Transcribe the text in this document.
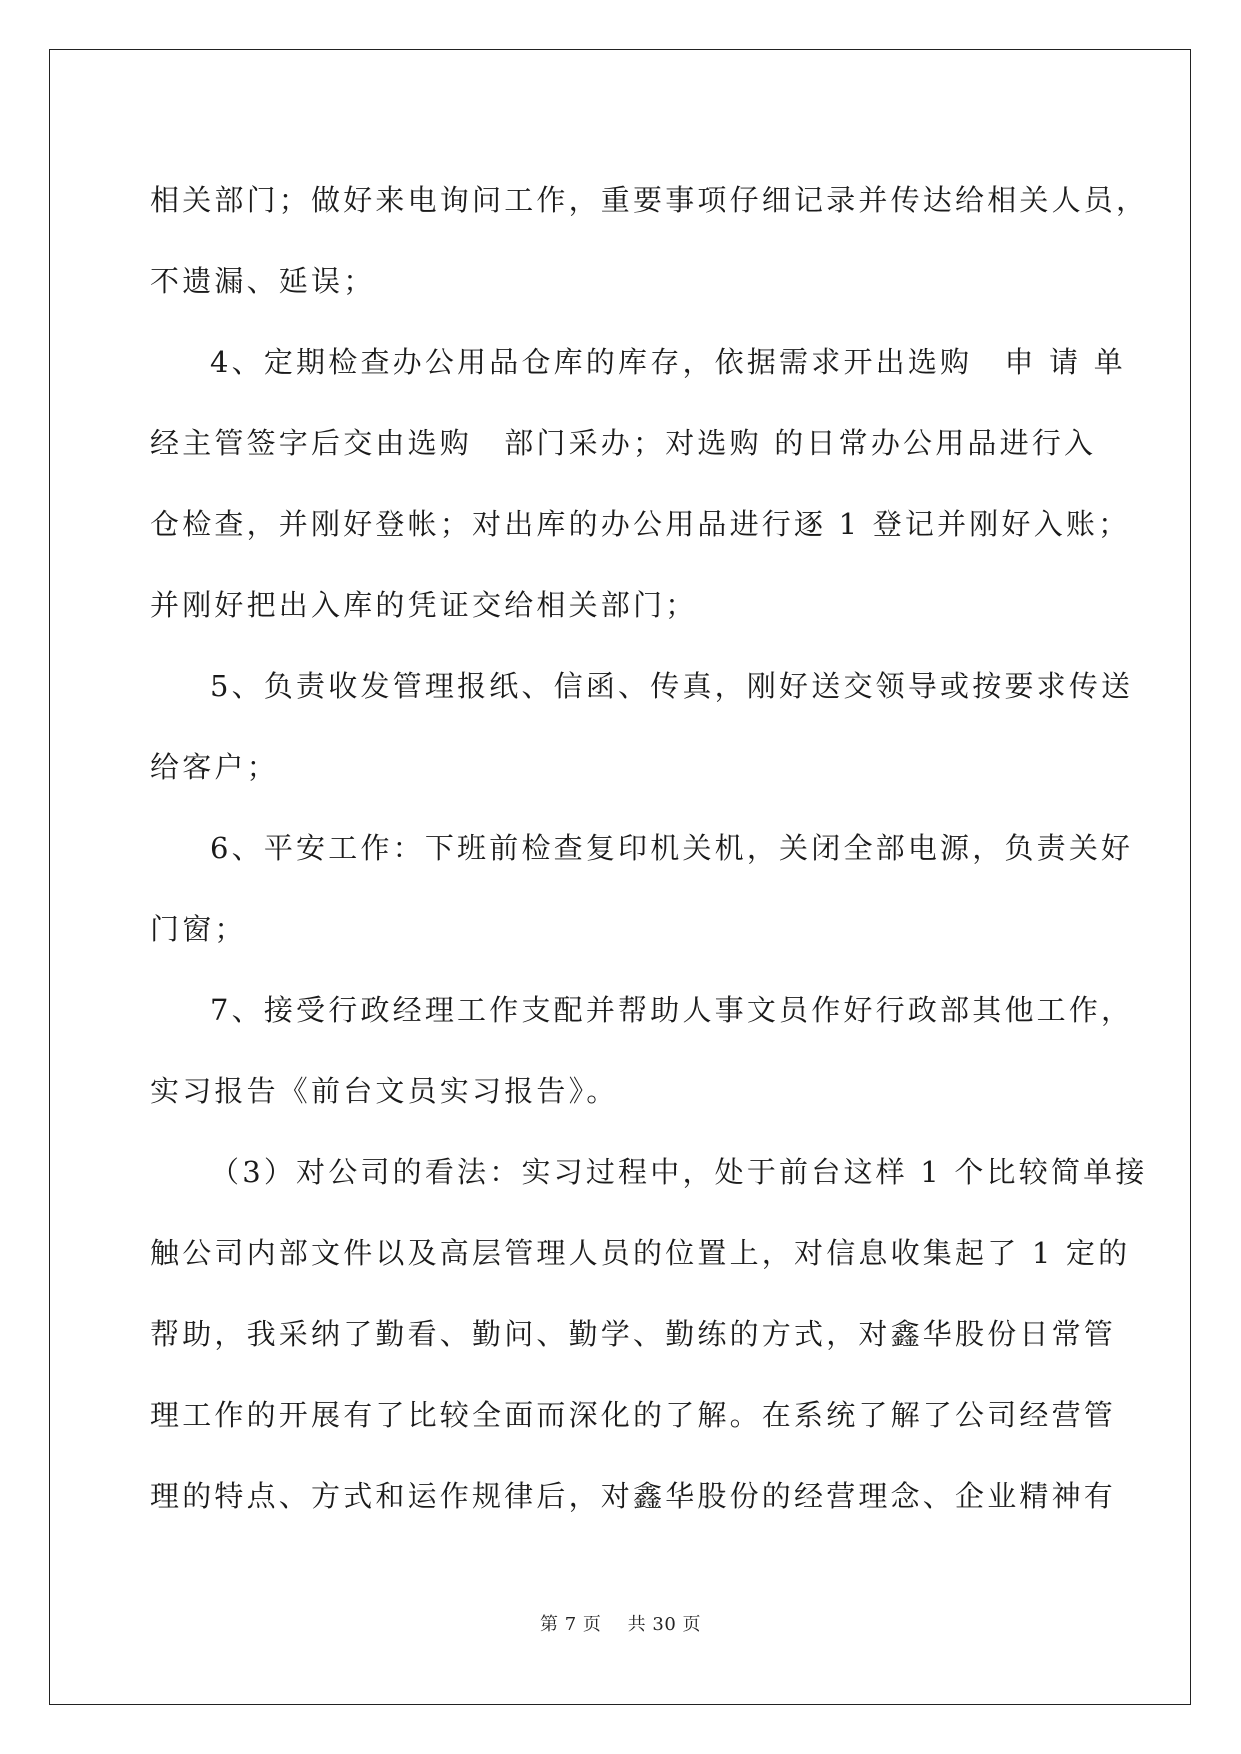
相关部门；做好来电询问工作，重要事项仔细记录并传达给相关人员，
不遗漏、延误；
4、定期检查办公用品仓库的库存，依据需求开出选购　申 请 单
经主管签字后交由选购　部门采办；对选购 的日常办公用品进行入
仓检查，并刚好登帐；对出库的办公用品进行逐 1 登记并刚好入账；
并刚好把出入库的凭证交给相关部门；
5、负责收发管理报纸、信函、传真，刚好送交领导或按要求传送
给客户；
6、平安工作：下班前检查复印机关机，关闭全部电源，负责关好
门窗；
7、接受行政经理工作支配并帮助人事文员作好行政部其他工作，
实习报告《前台文员实习报告》。
（3）对公司的看法：实习过程中，处于前台这样 1 个比较简单接
触公司内部文件以及高层管理人员的位置上，对信息收集起了 1 定的
帮助，我采纳了勤看、勤问、勤学、勤练的方式，对鑫华股份日常管
理工作的开展有了比较全面而深化的了解。在系统了解了公司经营管
理的特点、方式和运作规律后，对鑫华股份的经营理念、企业精神有
第 7 页 共 30 页
